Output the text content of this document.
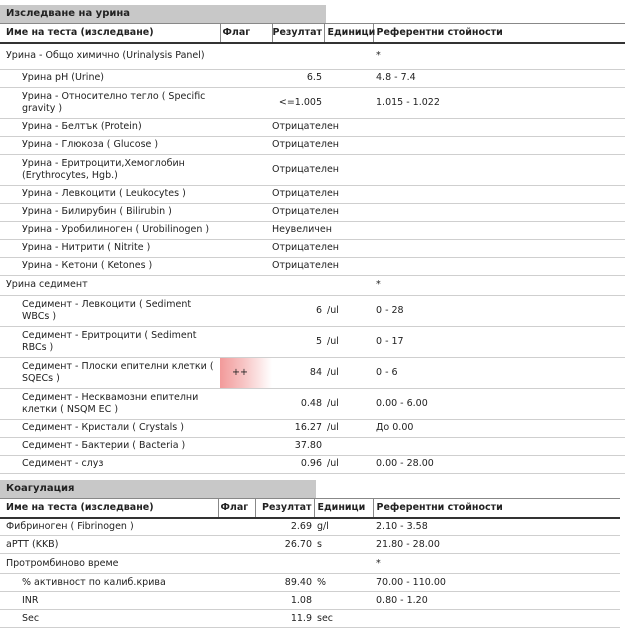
Изследване на урина
Име на теста (изследване)	Флаг	Резултат	Единици	Референтни стойности
Урина - Общо химично (Urinalysis Panel)				*
Урина pH (Urine)		6.5		4.8 - 7.4
Урина - Относително тегло ( Specific gravity )		<=1.005		1.015 - 1.022
Урина - Белтък (Protein)		Отрицателен		
Урина - Глюкоза ( Glucose )		Отрицателен		
Урина - Еритроцити,Хемоглобин (Erythrocytes, Hgb.)		Отрицателен		
Урина - Левкоцити ( Leukocytes )		Отрицателен		
Урина - Билирубин ( Bilirubin )		Отрицателен		
Урина - Уробилиноген ( Urobilinogen )		Неувеличен		
Урина - Нитрити ( Nitrite )		Отрицателен		
Урина - Кетони ( Ketones )		Отрицателен		
Урина седимент				*
Седимент - Левкоцити ( Sediment WBCs )		6	/ul	0 - 28
Седимент - Еритроцити ( Sediment RBCs )		5	/ul	0 - 17
Седимент - Плоски епителни клетки ( SQECs )	++	84	/ul	0 - 6
Седимент - Несквамозни епителни клетки ( NSQM EC )		0.48	/ul	0.00 - 6.00
Седимент - Кристали ( Crystals )		16.27	/ul	До 0.00
Седимент - Бактерии ( Bacteria )		37.80		
Седимент - слуз		0.96	/ul	0.00 - 28.00
Коагулация
Име на теста (изследване)	Флаг	Резултат	Единици	Референтни стойности
Фибриноген ( Fibrinogen )		2.69	g/l	2.10 - 3.58
aPTT (KKB)		26.70	s	21.80 - 28.00
Протромбиново време				*
% активност по калиб.крива		89.40	%	70.00 - 110.00
INR		1.08		0.80 - 1.20
Sec		11.9	sec	
